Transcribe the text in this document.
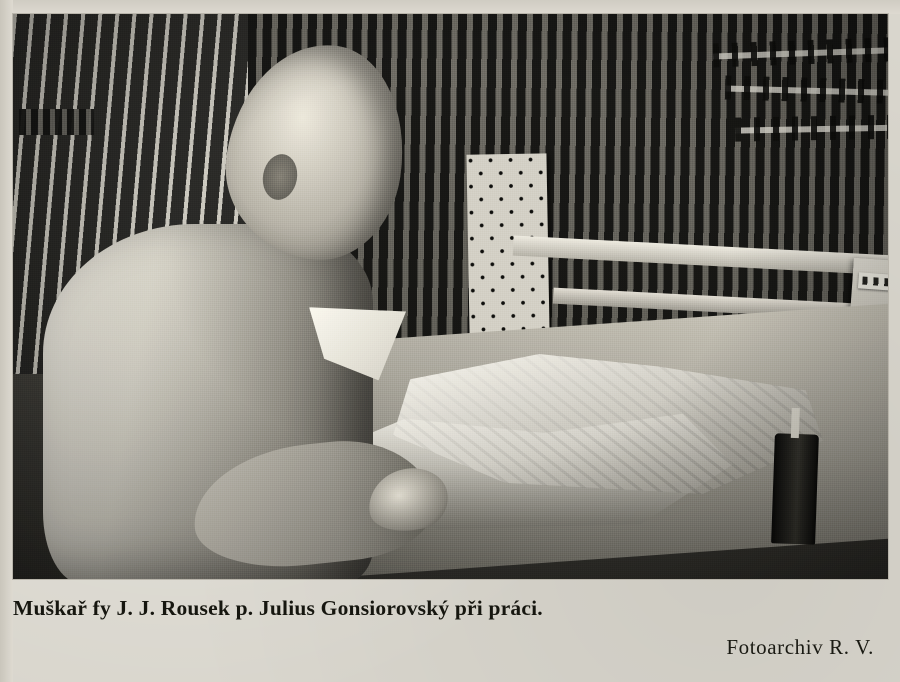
Muškař fy J. J. Rousek p. Julius Gonsiorovský při práci.
Fotoarchiv R. V.
